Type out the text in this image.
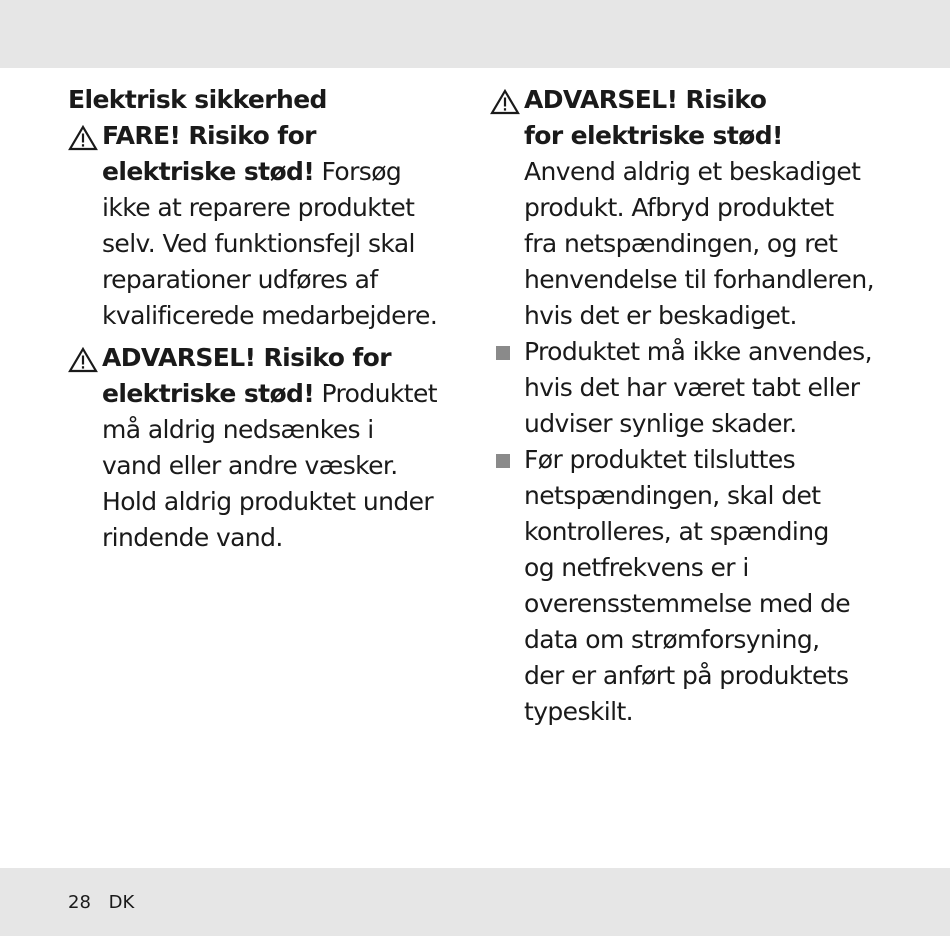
Elektrisk sikkerhed

FARE! Risiko for
elektriske stød! Forsøg
ikke at reparere produktet
selv. Ved funktionsfejl skal
reparationer udføres af
kvalificerede medarbejdere.
ADVARSEL! Risiko for
elektriske stød! Produktet
må aldrig nedsænkes i
vand eller andre væsker.
Hold aldrig produktet under
rindende vand.
ADVARSEL! Risiko
for elektriske stød!
Anvend aldrig et beskadiget
produkt. Afbryd produktet
fra netspændingen, og ret
henvendelse til forhandleren,
hvis det er beskadiget.
Produktet må ikke anvendes,
hvis det har været tabt eller
udviser synlige skader.
Før produktet tilsluttes
netspændingen, skal det
kontrolleres, at spænding
og netfrekvens er i
overensstemmelse med de
data om strømforsyning,
der er anført på produktets
typeskilt.
28 DK
